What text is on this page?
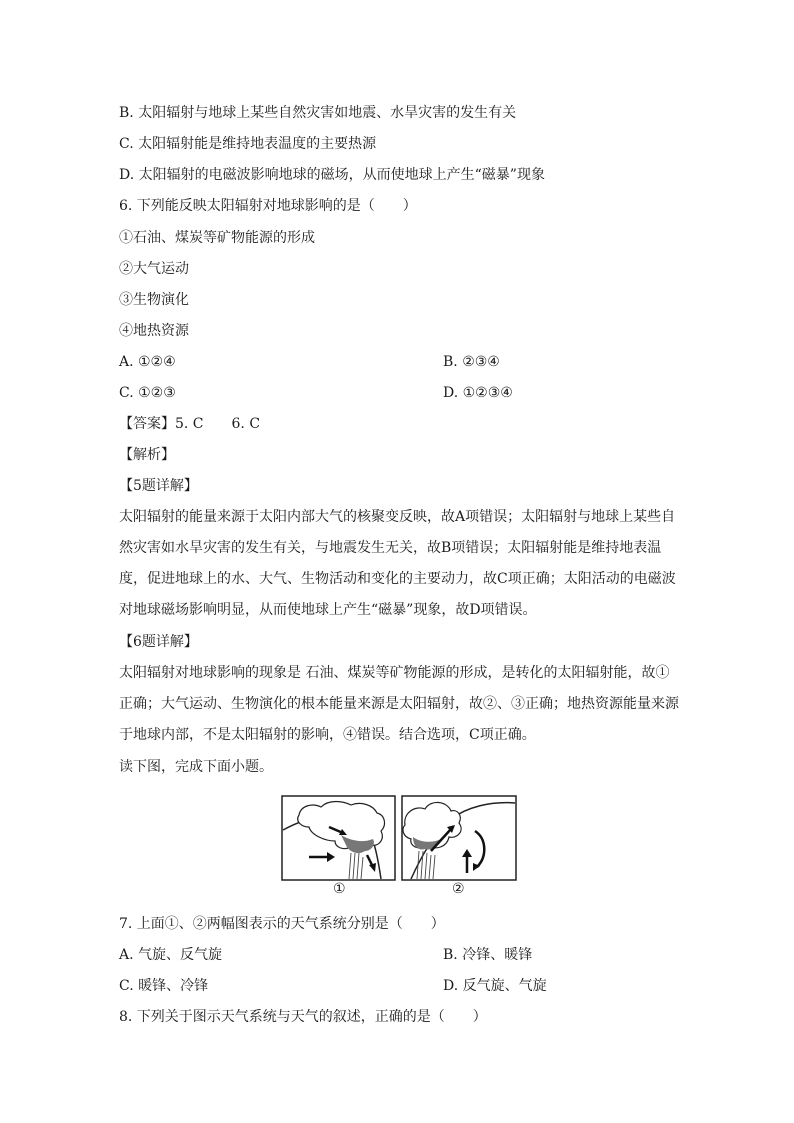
B. 太阳辐射与地球上某些自然灾害如地震、水旱灾害的发生有关
C. 太阳辐射能是维持地表温度的主要热源
D. 太阳辐射的电磁波影响地球的磁场，从而使地球上产生“磁暴”现象
6. 下列能反映太阳辐射对地球影响的是（　　）
①石油、煤炭等矿物能源的形成
②大气运动
③生物演化
④地热资源
A. ①②④	B. ②③④
C. ①②③	D. ①②③④
【答案】5. C　　6. C
【解析】
【5题详解】
太阳辐射的能量来源于太阳内部大气的核聚变反映，故A项错误；太阳辐射与地球上某些自然灾害如水旱灾害的发生有关，与地震发生无关，故B项错误；太阳辐射能是维持地表温度，促进地球上的水、大气、生物活动和变化的主要动力，故C项正确；太阳活动的电磁波对地球磁场影响明显，从而使地球上产生“磁暴”现象，故D项错误。
【6题详解】
太阳辐射对地球影响的现象是 石油、煤炭等矿物能源的形成，是转化的太阳辐射能，故①正确；大气运动、生物演化的根本能量来源是太阳辐射，故②、③正确；地热资源能量来源于地球内部，不是太阳辐射的影响，④错误。结合选项，C项正确。
读下图，完成下面小题。
①	②
7. 上面①、②两幅图表示的天气系统分别是（　　）
A. 气旋、反气旋	B. 冷锋、暖锋
C. 暖锋、冷锋	D. 反气旋、气旋
8. 下列关于图示天气系统与天气的叙述，正确的是（　　）
